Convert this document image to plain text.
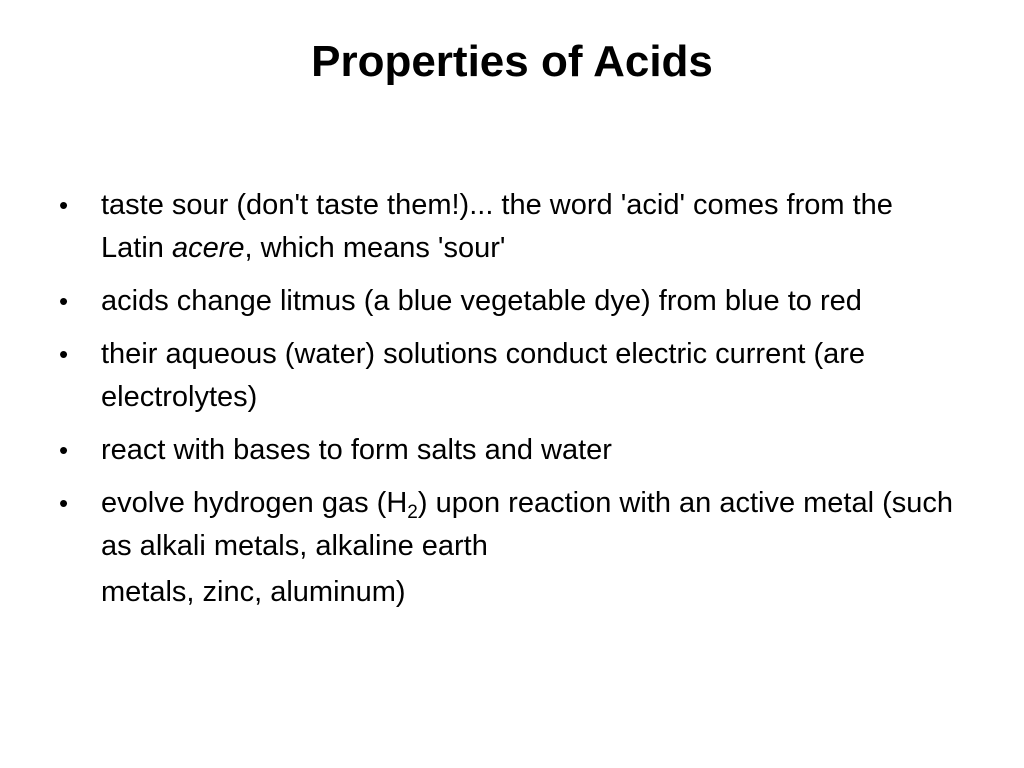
Properties of Acids
• taste sour (don't taste them!)... the word 'acid' comes from the Latin acere, which means 'sour'
• acids change litmus (a blue vegetable dye) from blue to red
• their aqueous (water) solutions conduct electric current (are electrolytes)
• react with bases to form salts and water
• evolve hydrogen gas $(H_2)$ upon reaction with an active metal (such as alkali metals, alkaline earth
metals, zinc, aluminum)
